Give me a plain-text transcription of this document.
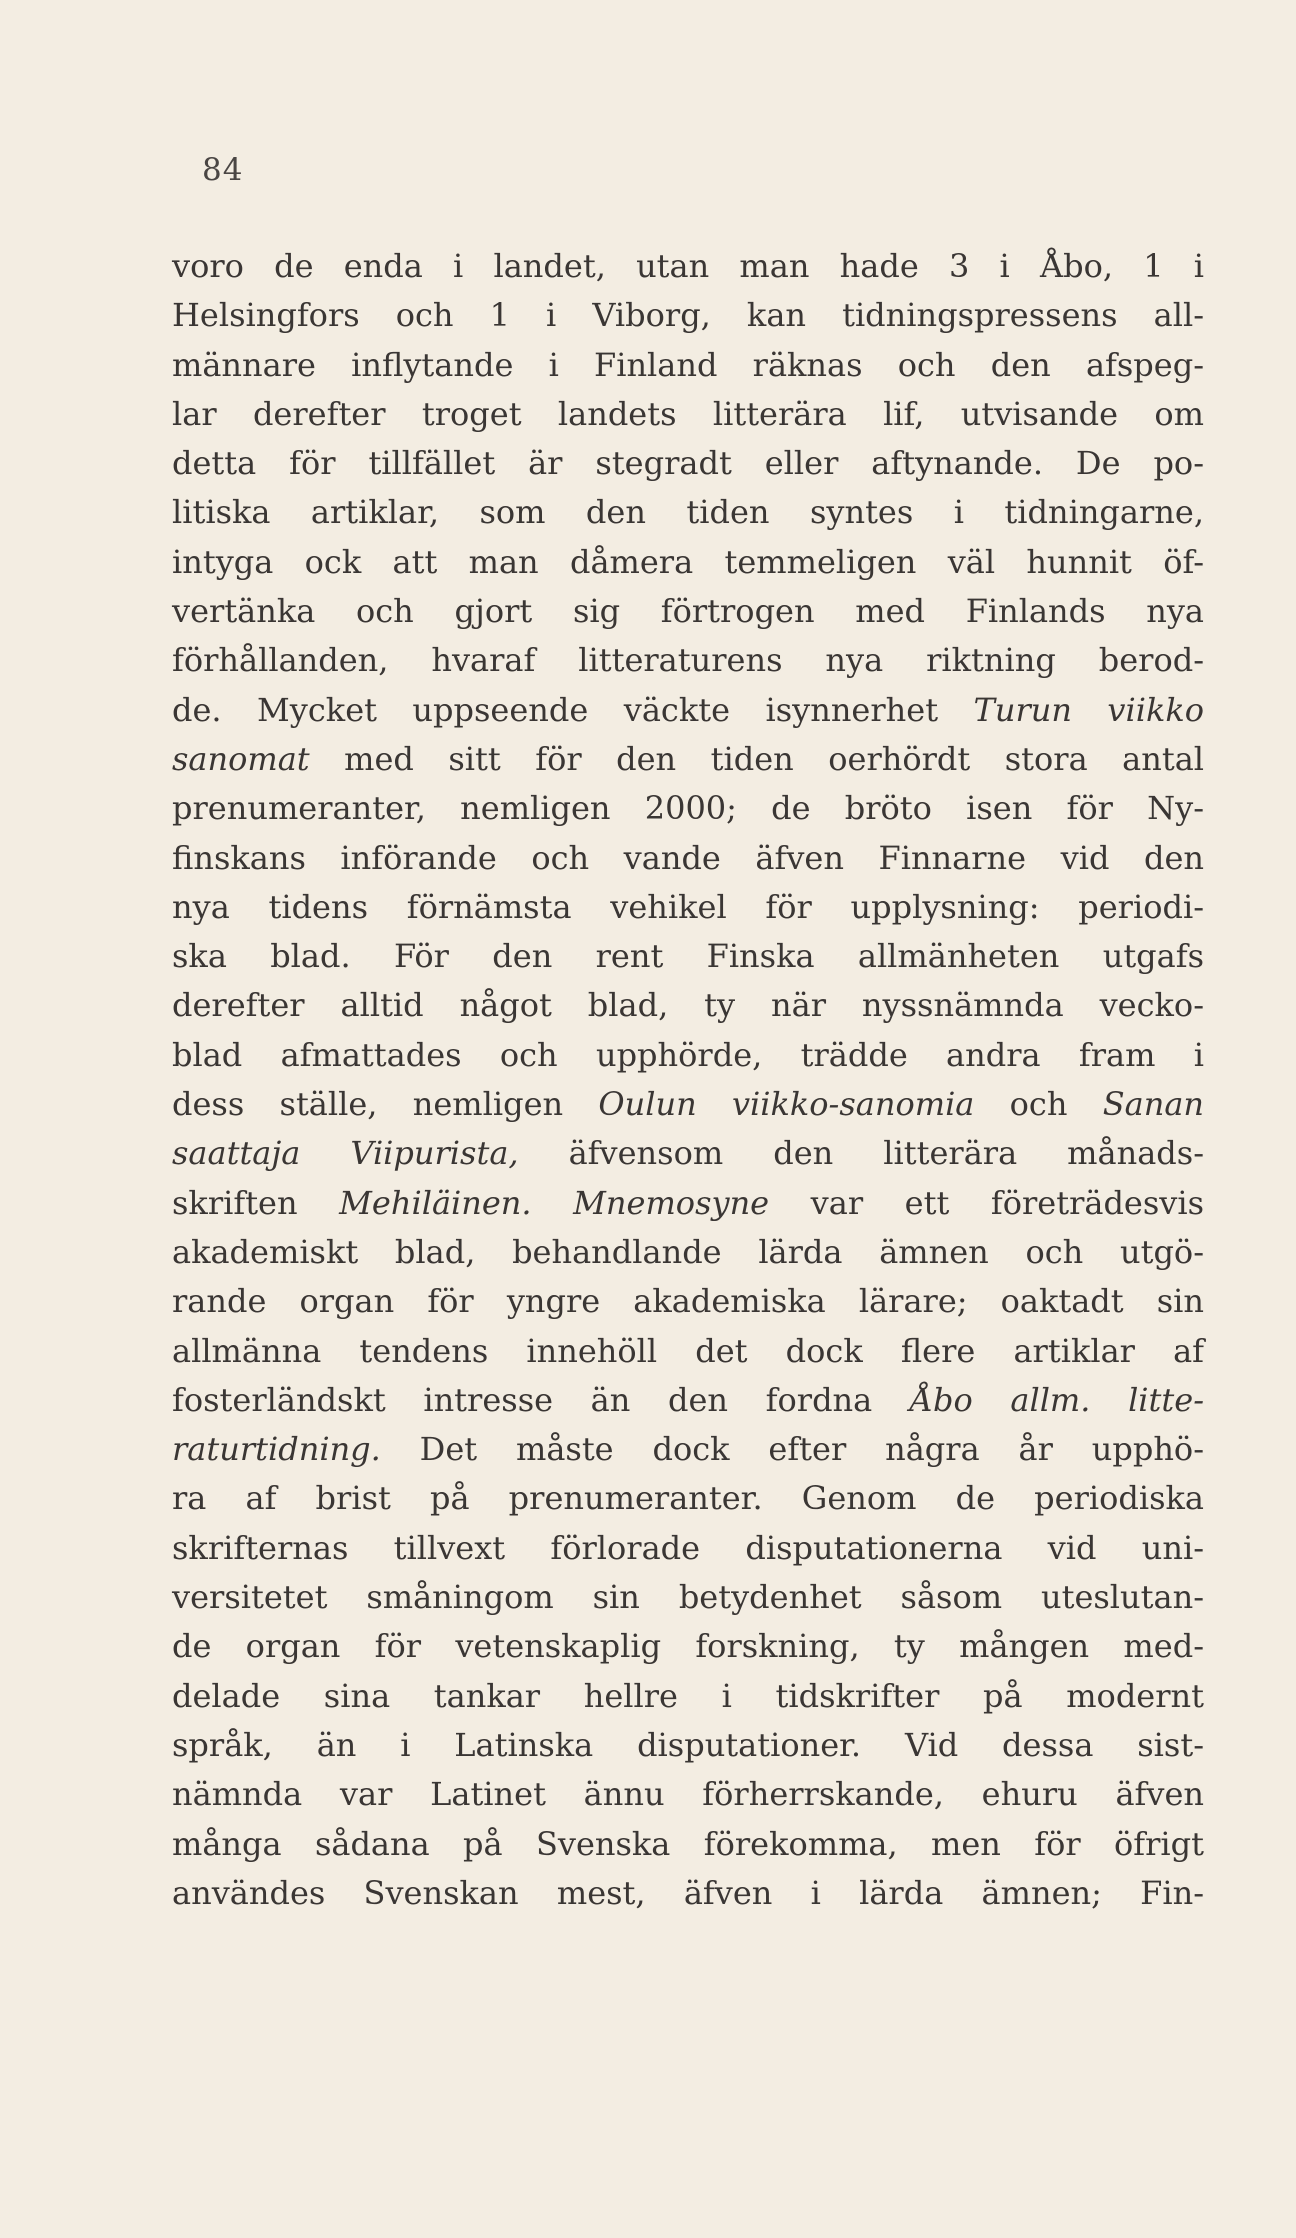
84
voro de enda i landet, utan man hade 3 i Åbo, 1 i
Helsingfors och 1 i Viborg, kan tidningspressens all-
männare inflytande i Finland räknas och den afspeg-
lar derefter troget landets litterära lif, utvisande om
detta för tillfället är stegradt eller aftynande. De po-
litiska artiklar, som den tiden syntes i tidningarne,
intyga ock att man dåmera temmeligen väl hunnit öf-
vertänka och gjort sig förtrogen med Finlands nya
förhållanden, hvaraf litteraturens nya riktning berod-
de. Mycket uppseende väckte isynnerhet Turun viikko
sanomat med sitt för den tiden oerhördt stora antal
prenumeranter, nemligen 2000; de bröto isen för Ny-
finskans införande och vande äfven Finnarne vid den
nya tidens förnämsta vehikel för upplysning: periodi-
ska blad. För den rent Finska allmänheten utgafs
derefter alltid något blad, ty när nyssnämnda vecko-
blad afmattades och upphörde, trädde andra fram i
dess ställe, nemligen Oulun viikko-sanomia och Sanan
saattaja Viipurista, äfvensom den litterära månads-
skriften Mehiläinen. Mnemosyne var ett företrädesvis
akademiskt blad, behandlande lärda ämnen och utgö-
rande organ för yngre akademiska lärare; oaktadt sin
allmänna tendens innehöll det dock flere artiklar af
fosterländskt intresse än den fordna Åbo allm. litte-
raturtidning. Det måste dock efter några år upphö-
ra af brist på prenumeranter. Genom de periodiska
skrifternas tillvext förlorade disputationerna vid uni-
versitetet småningom sin betydenhet såsom uteslutan-
de organ för vetenskaplig forskning, ty mången med-
delade sina tankar hellre i tidskrifter på modernt
språk, än i Latinska disputationer. Vid dessa sist-
nämnda var Latinet ännu förherrskande, ehuru äfven
många sådana på Svenska förekomma, men för öfrigt
användes Svenskan mest, äfven i lärda ämnen; Fin-
